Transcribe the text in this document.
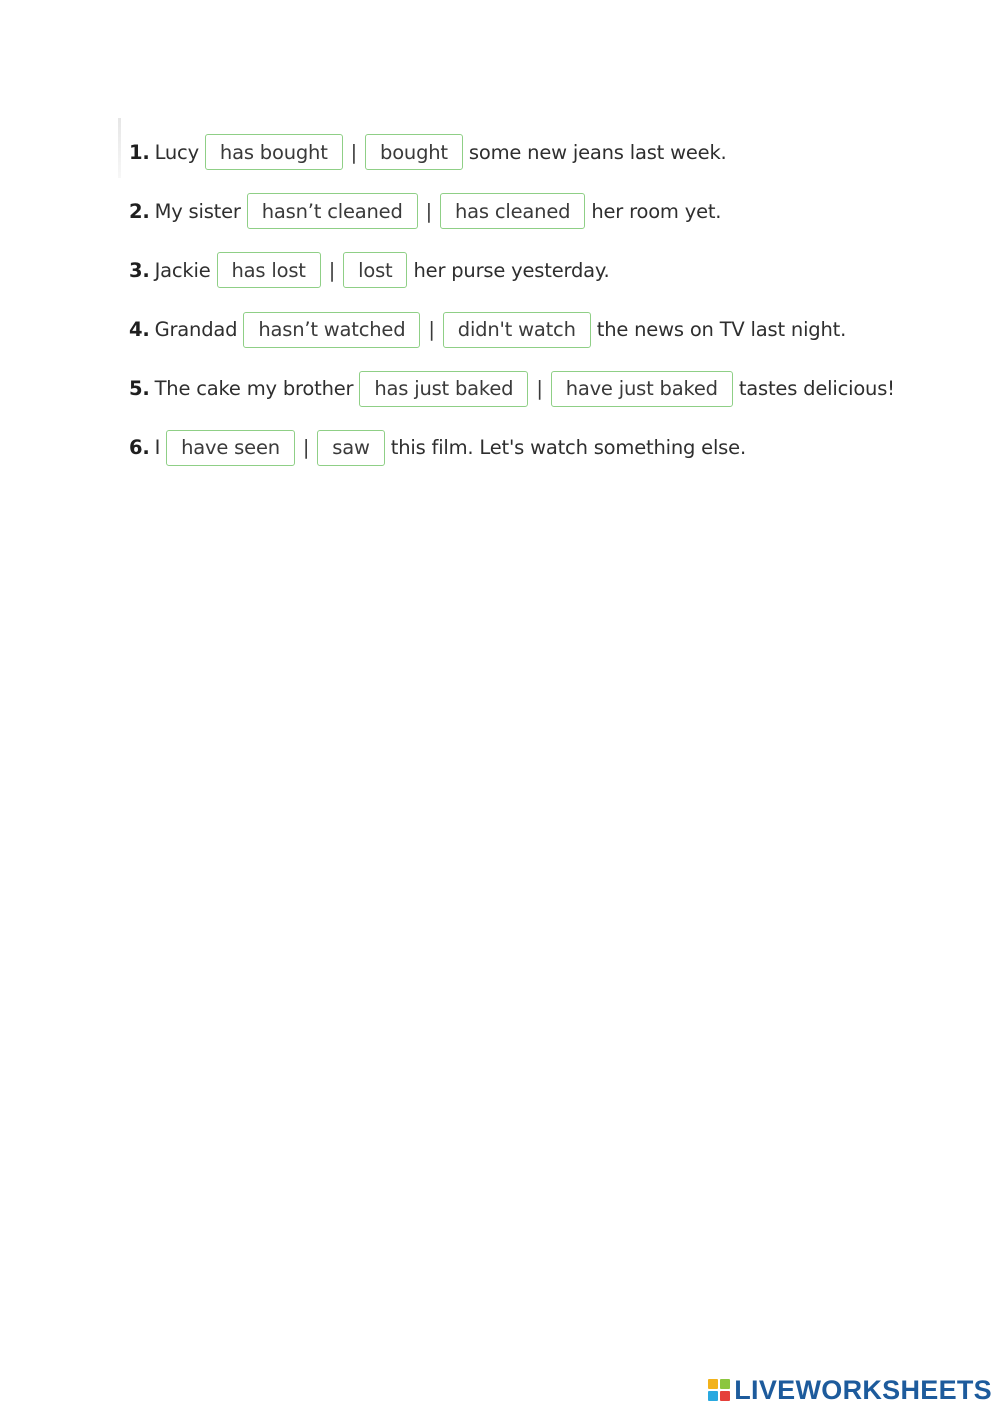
1. Lucy	has bought	|	bought	some new jeans last week.
2. My sister	hasn’t cleaned	|	has cleaned	her room yet.
3. Jackie	has lost	|	lost	her purse yesterday.
4. Grandad	hasn’t watched	|	didn't watch	the news on TV last night.
5. The cake my brother	has just baked	|	have just baked	tastes delicious!
6. I	have seen	|	saw	this film. Let's watch something else.
LIVEWORKSHEETS
